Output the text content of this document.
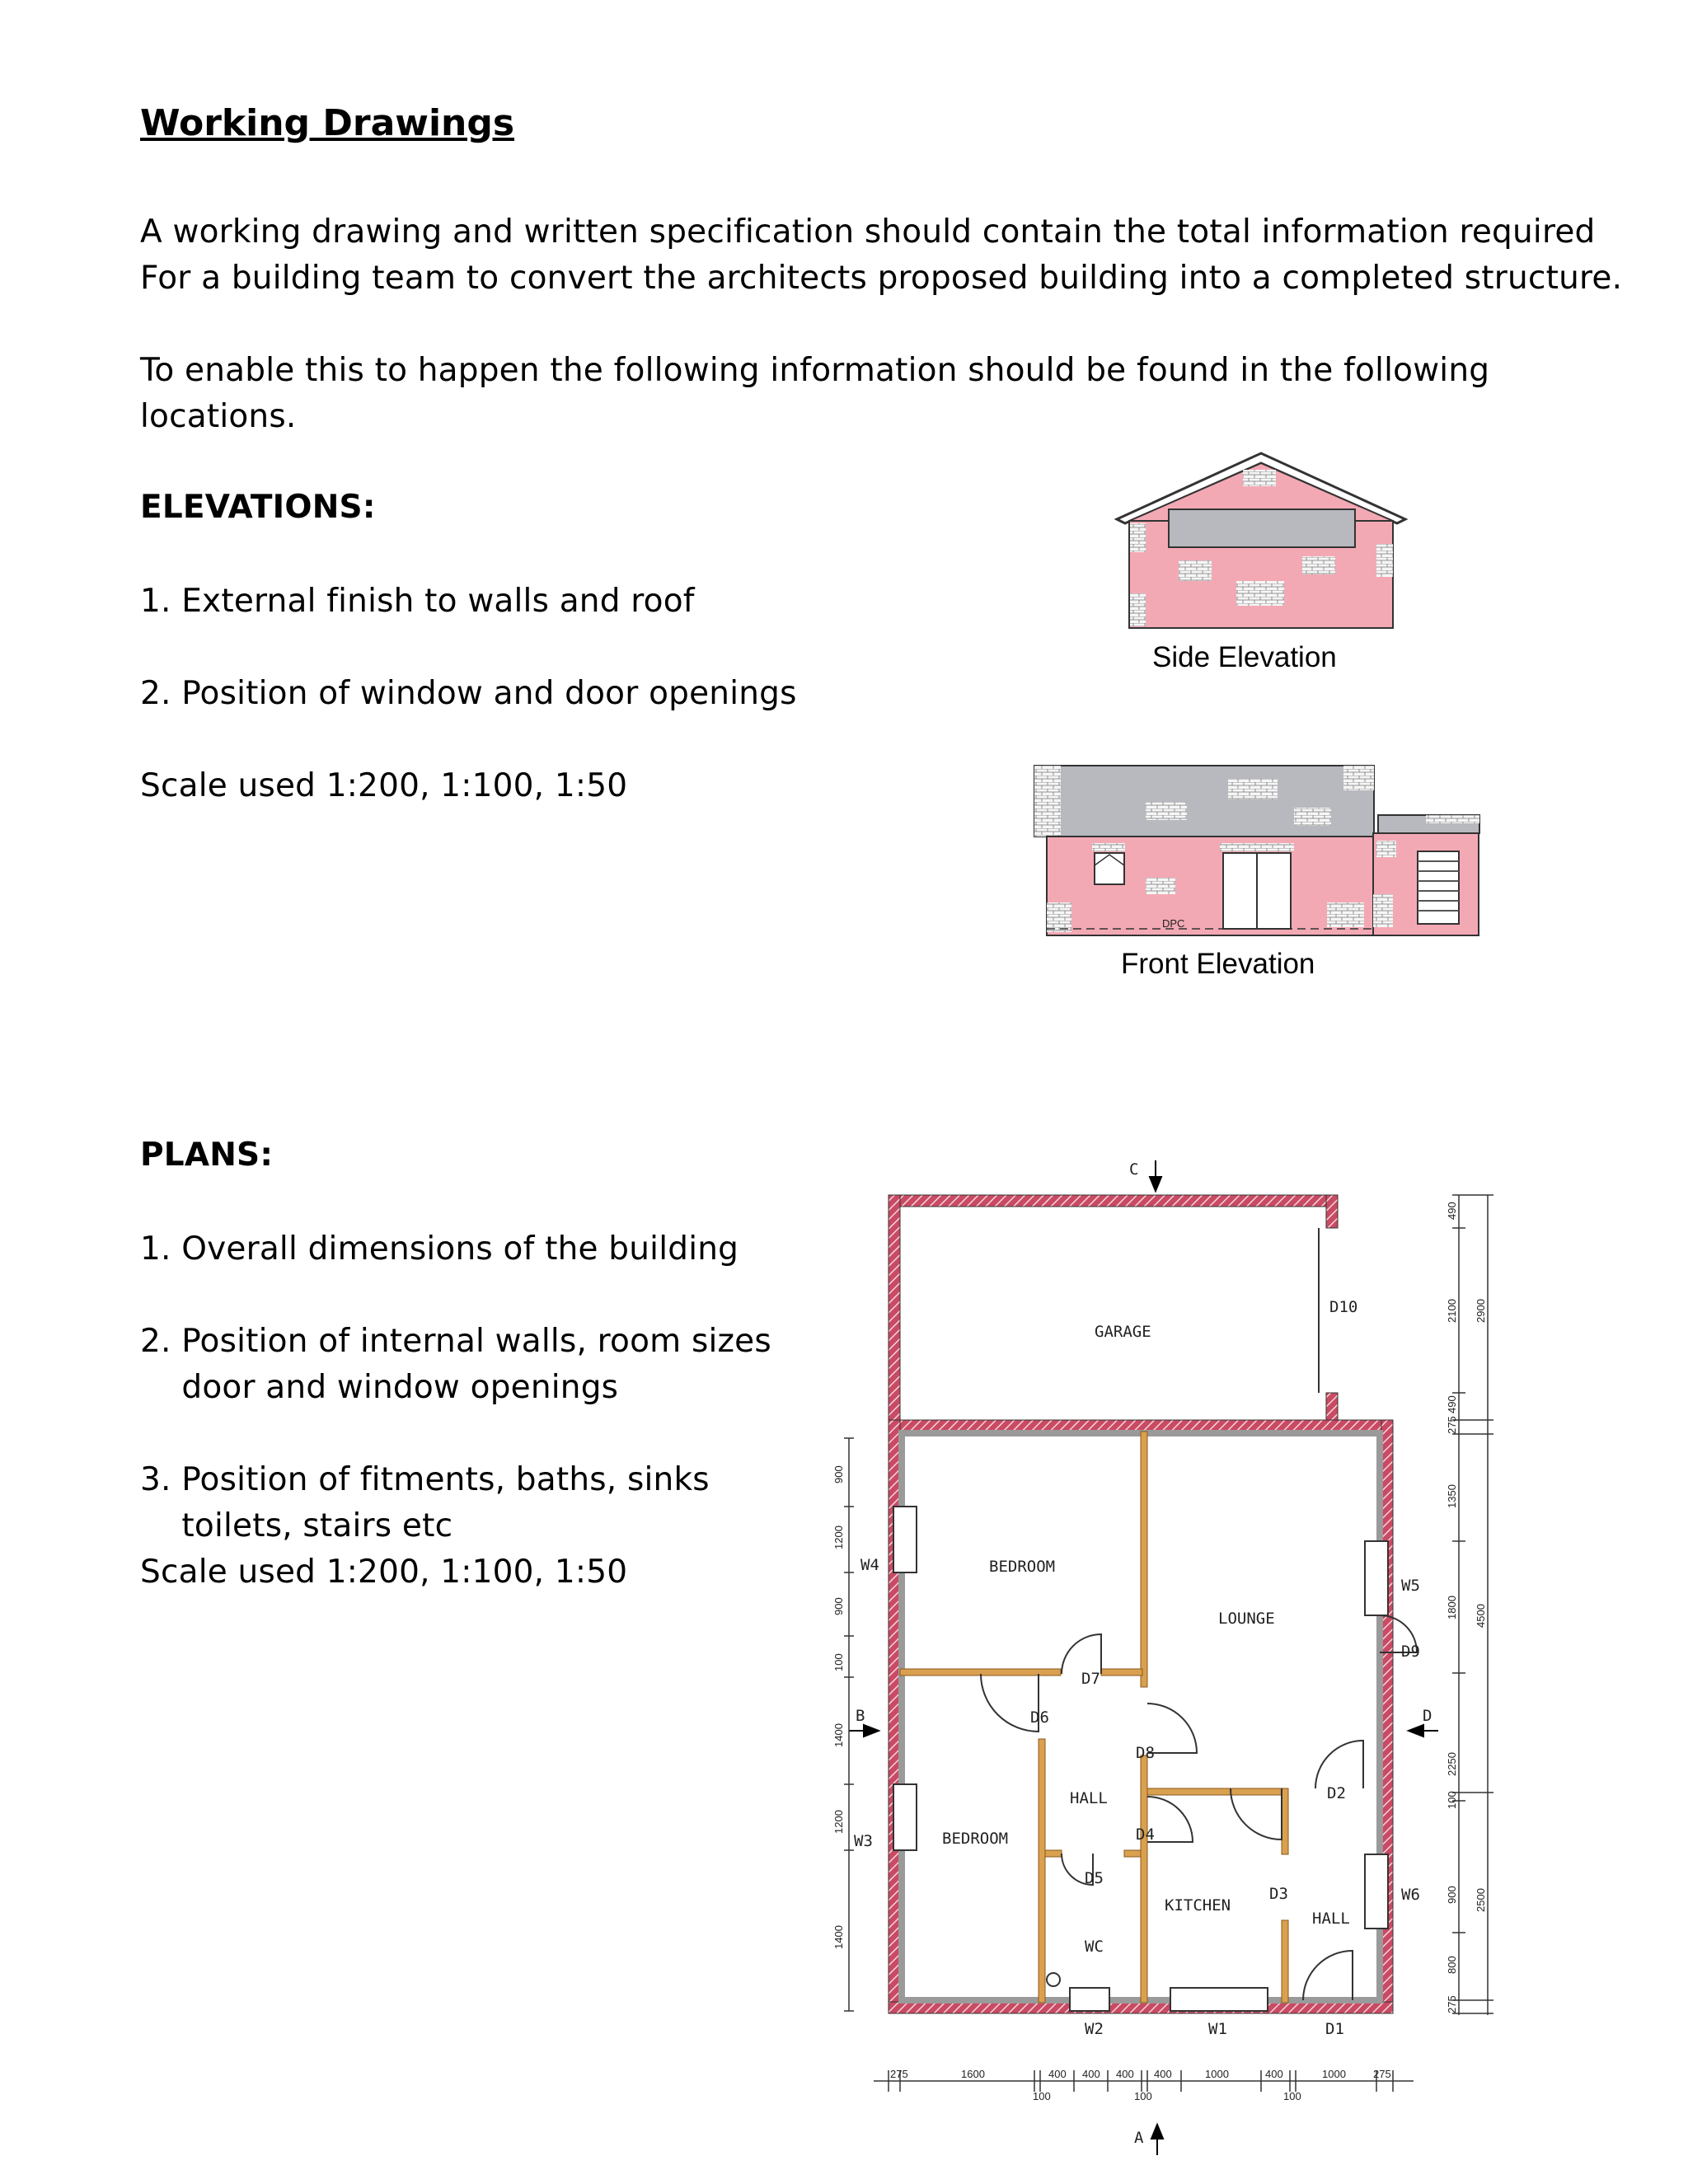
Working Drawings
A working drawing and written specification should contain the total information required
For a building team to convert the architects proposed building into a completed structure.
To enable this to happen the following information should be found in the following
locations.
ELEVATIONS:
1. External finish to walls and roof
2. Position of window and door openings
Scale used 1:200, 1:100, 1:50
PLANS:
1. Overall dimensions of the building
2. Position of internal walls, room sizes
door and window openings
3. Position of fitments, baths, sinks
toilets, stairs etc
Scale used 1:200, 1:100, 1:50
Side Elevation
DPC
Front Elevation
C
GARAGE
BEDROOM
LOUNGE
BEDROOM
HALL
KITCHEN
HALL
WC
D10
D7
D6
D8
D4
D5
D3
D2
D9
D1
W4
W3
W5
W6
W2	W1
B	D
A
900
1200
900
100
1400
1200
1400
490
2100
490
275
1350
1800
2250
100
900
800
275
2900
4500
2500
275	1600	400 400 400 400	1000	400	1000	275
100	100	100
